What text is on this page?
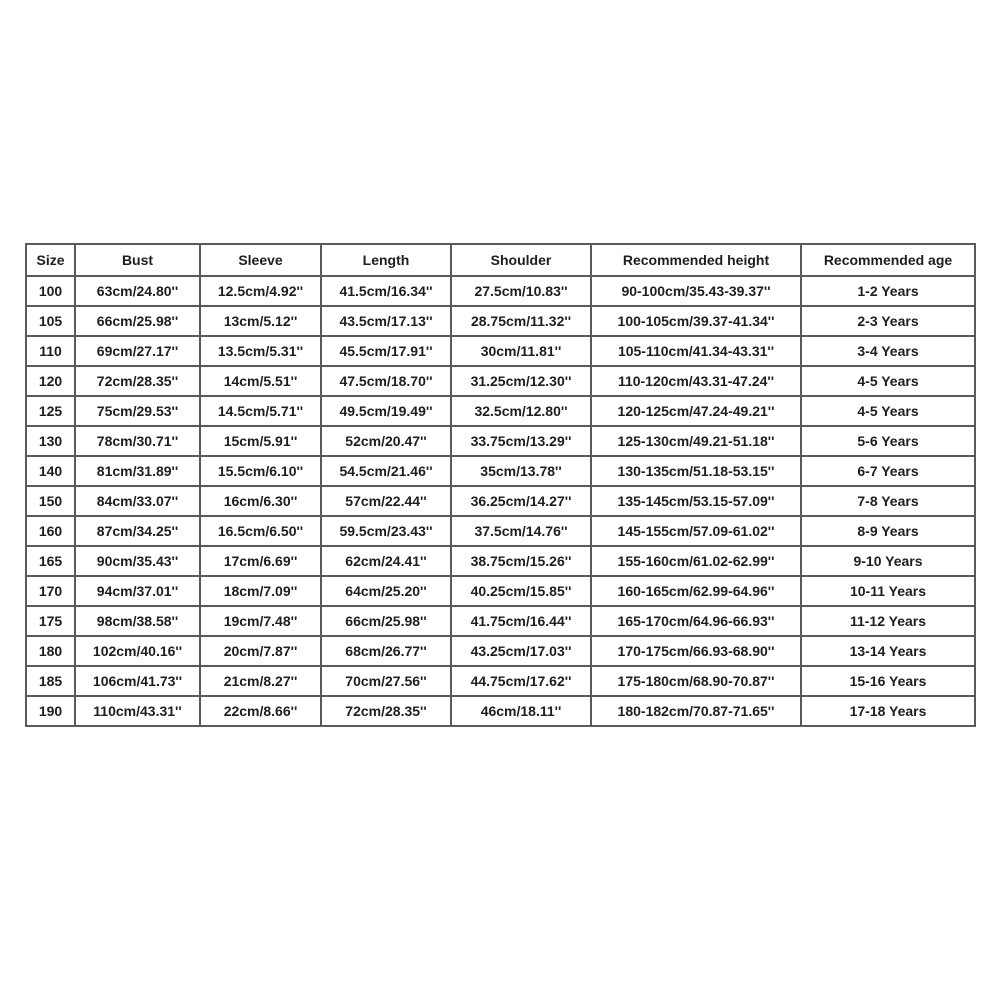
Size	Bust	Sleeve	Length	Shoulder	Recommended height	Recommended age
100	63cm/24.80''	12.5cm/4.92''	41.5cm/16.34''	27.5cm/10.83''	90-100cm/35.43-39.37''	1-2 Years
105	66cm/25.98''	13cm/5.12''	43.5cm/17.13''	28.75cm/11.32''	100-105cm/39.37-41.34''	2-3 Years
110	69cm/27.17''	13.5cm/5.31''	45.5cm/17.91''	30cm/11.81''	105-110cm/41.34-43.31''	3-4 Years
120	72cm/28.35''	14cm/5.51''	47.5cm/18.70''	31.25cm/12.30''	110-120cm/43.31-47.24''	4-5 Years
125	75cm/29.53''	14.5cm/5.71''	49.5cm/19.49''	32.5cm/12.80''	120-125cm/47.24-49.21''	4-5 Years
130	78cm/30.71''	15cm/5.91''	52cm/20.47''	33.75cm/13.29''	125-130cm/49.21-51.18''	5-6 Years
140	81cm/31.89''	15.5cm/6.10''	54.5cm/21.46''	35cm/13.78''	130-135cm/51.18-53.15''	6-7 Years
150	84cm/33.07''	16cm/6.30''	57cm/22.44''	36.25cm/14.27''	135-145cm/53.15-57.09''	7-8 Years
160	87cm/34.25''	16.5cm/6.50''	59.5cm/23.43''	37.5cm/14.76''	145-155cm/57.09-61.02''	8-9 Years
165	90cm/35.43''	17cm/6.69''	62cm/24.41''	38.75cm/15.26''	155-160cm/61.02-62.99''	9-10 Years
170	94cm/37.01''	18cm/7.09''	64cm/25.20''	40.25cm/15.85''	160-165cm/62.99-64.96''	10-11 Years
175	98cm/38.58''	19cm/7.48''	66cm/25.98''	41.75cm/16.44''	165-170cm/64.96-66.93''	11-12 Years
180	102cm/40.16''	20cm/7.87''	68cm/26.77''	43.25cm/17.03''	170-175cm/66.93-68.90''	13-14 Years
185	106cm/41.73''	21cm/8.27''	70cm/27.56''	44.75cm/17.62''	175-180cm/68.90-70.87''	15-16 Years
190	110cm/43.31''	22cm/8.66''	72cm/28.35''	46cm/18.11''	180-182cm/70.87-71.65''	17-18 Years
